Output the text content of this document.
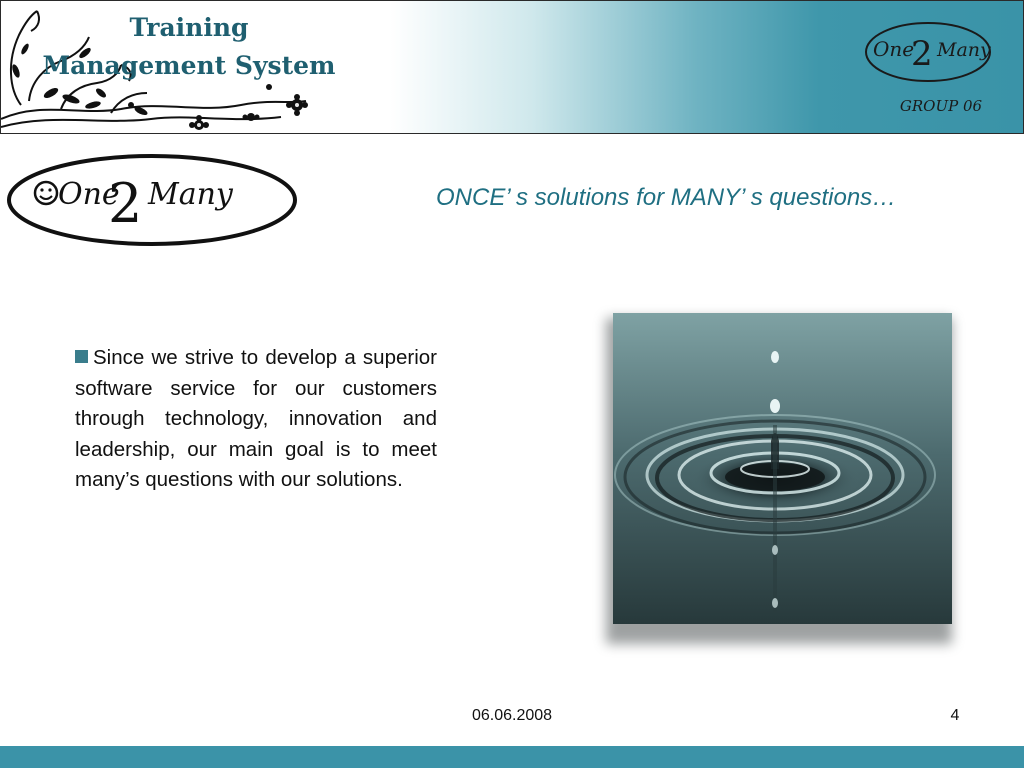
Training Management System
One
2 Many
GROUP 06
One
2 Many	ONCE’ s solutions for MANY’ s questions…
Since we strive to develop a superior software service for our customers through technology, innovation and leadership, our main goal is to meet many’s questions with our solutions.
06.06.2008	4
